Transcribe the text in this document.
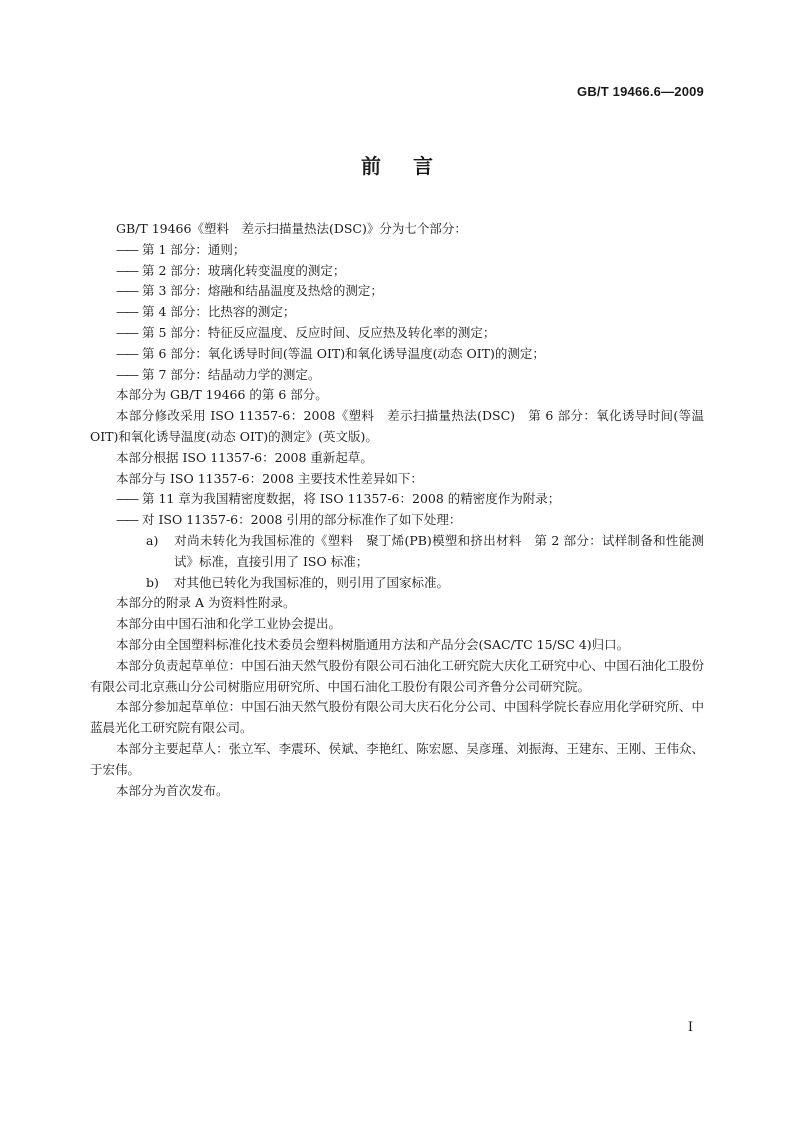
GB/T 19466.6—2009
前言

GB/T 19466《塑料　差示扫描量热法(DSC)》分为七个部分：

—— 第 1 部分：通则；

—— 第 2 部分：玻璃化转变温度的测定；

—— 第 3 部分：熔融和结晶温度及热焓的测定；

—— 第 4 部分：比热容的测定；

—— 第 5 部分：特征反应温度、反应时间、反应热及转化率的测定；

—— 第 6 部分：氧化诱导时间(等温 OIT)和氧化诱导温度(动态 OIT)的测定；

—— 第 7 部分：结晶动力学的测定。

本部分为 GB/T 19466 的第 6 部分。

本部分修改采用 ISO 11357-6：2008《塑料　差示扫描量热法(DSC)　第 6 部分：氧化诱导时间(等温 OIT)和氧化诱导温度(动态 OIT)的测定》(英文版)。

本部分根据 ISO 11357-6：2008 重新起草。

本部分与 ISO 11357-6：2008 主要技术性差异如下：

—— 第 11 章为我国精密度数据，将 ISO 11357-6：2008 的精密度作为附录；

—— 对 ISO 11357-6：2008 引用的部分标准作了如下处理：

a) 对尚未转化为我国标准的《塑料　聚丁烯(PB)模塑和挤出材料　第 2 部分：试样制备和性能测试》标准，直接引用了 ISO 标准；

b) 对其他已转化为我国标准的，则引用了国家标准。

本部分的附录 A 为资料性附录。

本部分由中国石油和化学工业协会提出。

本部分由全国塑料标准化技术委员会塑料树脂通用方法和产品分会(SAC/TC 15/SC 4)归口。

本部分负责起草单位：中国石油天然气股份有限公司石油化工研究院大庆化工研究中心、中国石油化工股份有限公司北京燕山分公司树脂应用研究所、中国石油化工股份有限公司齐鲁分公司研究院。

本部分参加起草单位：中国石油天然气股份有限公司大庆石化分公司、中国科学院长春应用化学研究所、中蓝晨光化工研究院有限公司。

本部分主要起草人：张立军、李震环、侯斌、李艳红、陈宏愿、吴彦瑾、刘振海、王建东、王刚、王伟众、于宏伟。

本部分为首次发布。

I
